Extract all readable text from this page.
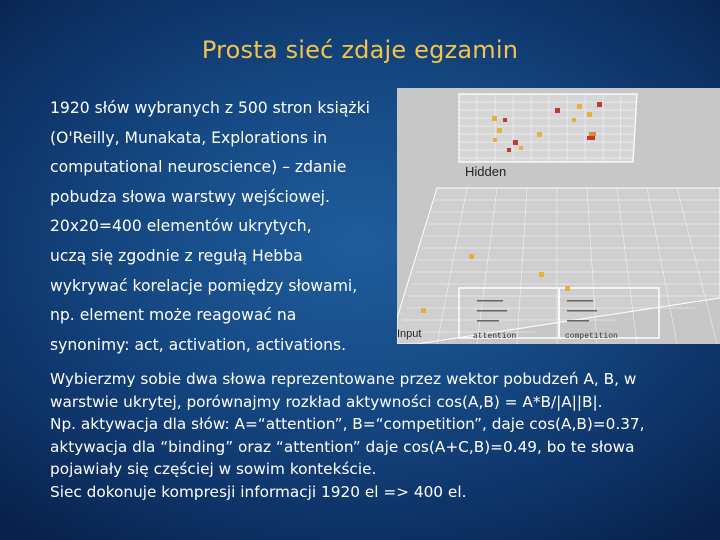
Prosta sieć zdaje egzamin
1920 słów wybranych z 500 stron książki
(O'Reilly, Munakata, Explorations in
computational neuroscience) – zdanie
pobudza słowa warstwy wejściowej.
20x20=400 elementów ukrytych,
uczą się zgodnie z regułą Hebba
wykrywać korelacje pomiędzy słowami,
np. element może reagować na
synonimy: act, activation, activations.
Hidden
Input	attention	competition
Wybierzmy sobie dwa słowa reprezentowane przez wektor pobudzeń A, B, w
warstwie ukrytej, porównajmy rozkład aktywności cos(A,B) = A*B/|A||B|.
Np. aktywacja dla słów: A=“attention”, B=“competition”, daje cos(A,B)=0.37,
aktywacja dla “binding” oraz “attention” daje cos(A+C,B)=0.49, bo te słowa
pojawiały się częściej w sowim kontekście.
Siec dokonuje kompresji informacji 1920 el => 400 el.
